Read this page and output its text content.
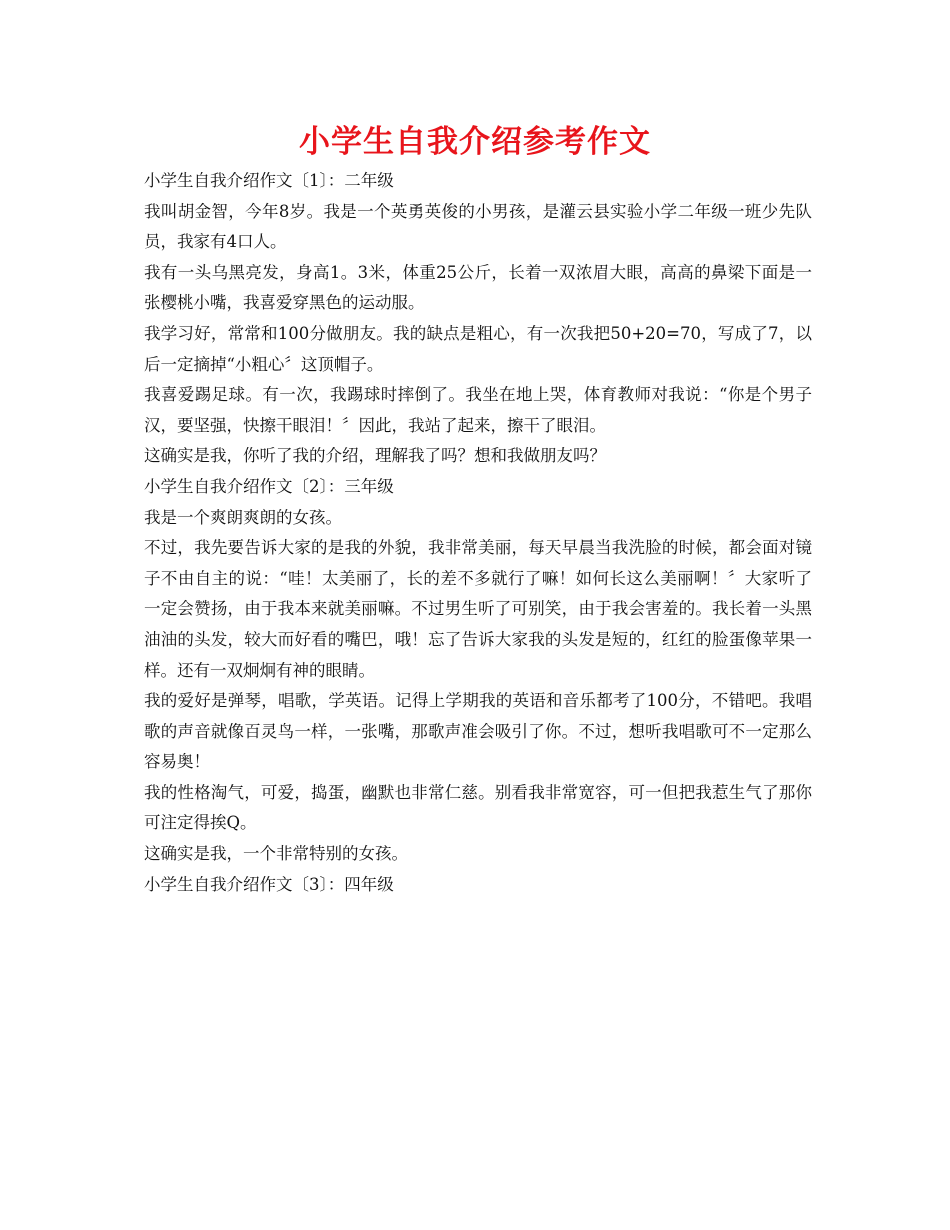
小学生自我介绍参考作文

小学生自我介绍作文〔1〕：二年级

我叫胡金智，今年8岁。我是一个英勇英俊的小男孩，是灌云县实验小学二年级一班少先队员，我家有4口人。

我有一头乌黑亮发，身高1。3米，体重25公斤，长着一双浓眉大眼，高高的鼻梁下面是一张樱桃小嘴，我喜爱穿黑色的运动服。

我学习好，常常和100分做朋友。我的缺点是粗心，有一次我把50+20=70，写成了7，以后一定摘掉“小粗心〞这顶帽子。

我喜爱踢足球。有一次，我踢球时摔倒了。我坐在地上哭，体育教师对我说：“你是个男子汉，要坚强，快擦干眼泪！〞因此，我站了起来，擦干了眼泪。

这确实是我，你听了我的介绍，理解我了吗？想和我做朋友吗？

小学生自我介绍作文〔2〕：三年级

我是一个爽朗爽朗的女孩。

不过，我先要告诉大家的是我的外貌，我非常美丽，每天早晨当我洗脸的时候，都会面对镜子不由自主的说：“哇！太美丽了，长的差不多就行了嘛！如何长这么美丽啊！〞大家听了一定会赞扬，由于我本来就美丽嘛。不过男生听了可别笑，由于我会害羞的。我长着一头黑油油的头发，较大而好看的嘴巴，哦！忘了告诉大家我的头发是短的，红红的脸蛋像苹果一样。还有一双炯炯有神的眼睛。

我的爱好是弹琴，唱歌，学英语。记得上学期我的英语和音乐都考了100分，不错吧。我唱歌的声音就像百灵鸟一样，一张嘴，那歌声准会吸引了你。不过，想听我唱歌可不一定那么容易奥！

我的性格淘气，可爱，捣蛋，幽默也非常仁慈。别看我非常宽容，可一但把我惹生气了那你可注定得挨Q。

这确实是我，一个非常特别的女孩。

小学生自我介绍作文〔3〕：四年级
